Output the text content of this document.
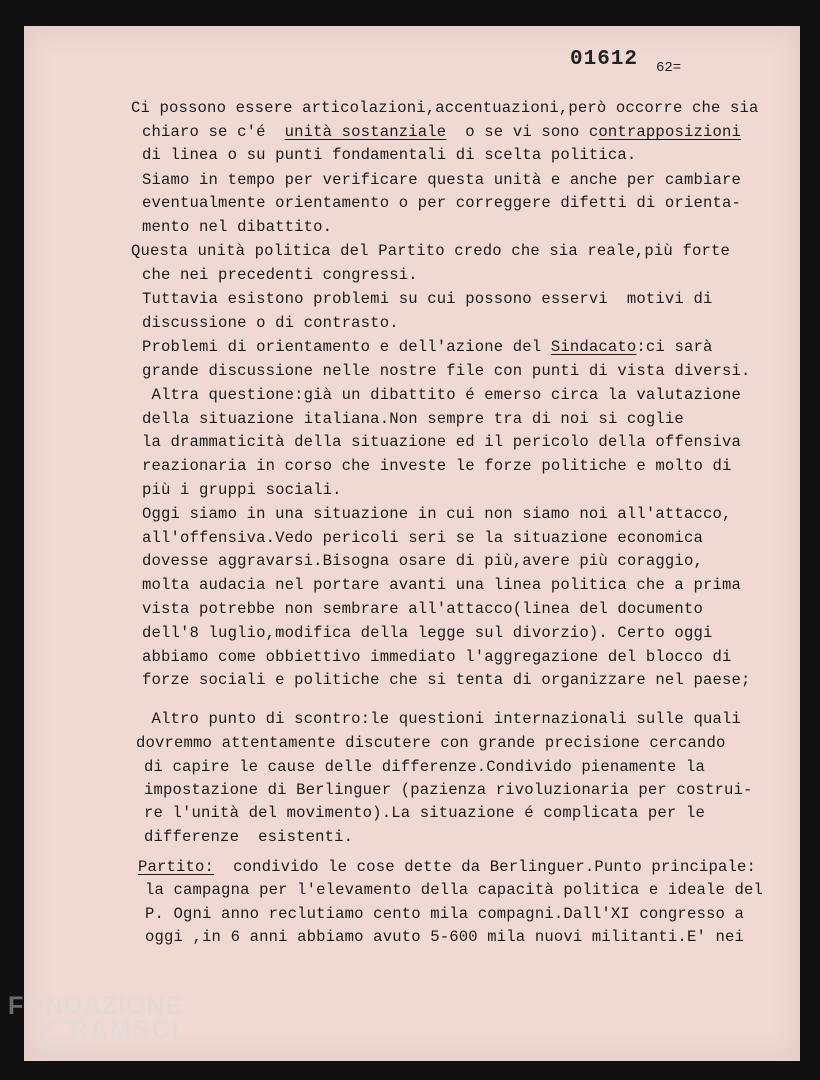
01612 62=
Ci possono essere articolazioni,accentuazioni,però occorre che sia
chiaro se c'é unità sostanziale o se vi sono contrapposizioni
di linea o su punti fondamentali di scelta politica.
Siamo in tempo per verificare questa unità e anche per cambiare
eventualmente orientamento o per correggere difetti di orienta-
mento nel dibattito.
Questa unità politica del Partito credo che sia reale,più forte
che nei precedenti congressi.
Tuttavia esistono problemi su cui possono esservi  motivi di
discussione o di contrasto.
Problemi di orientamento e dell'azione del Sindacato:ci sarà
grande discussione nelle nostre file con punti di vista diversi.
Altra questione:già un dibattito é emerso circa la valutazione
della situazione italiana.Non sempre tra di noi si coglie
la drammaticità della situazione ed il pericolo della offensiva
reazionaria in corso che investe le forze politiche e molto di
più i gruppi sociali.
Oggi siamo in una situazione in cui non siamo noi all'attacco,
all'offensiva.Vedo pericoli seri se la situazione economica
dovesse aggravarsi.Bisogna osare di più,avere più coraggio,
molta audacia nel portare avanti una linea politica che a prima
vista potrebbe non sembrare all'attacco(linea del documento
dell'8 luglio,modifica della legge sul divorzio). Certo oggi
abbiamo come obbiettivo immediato l'aggregazione del blocco di
forze sociali e politiche che si tenta di organizzare nel paese;
Altro punto di scontro:le questioni internazionali sulle quali
dovremmo attentamente discutere con grande precisione cercando
di capire le cause delle differenze.Condivido pienamente la
impostazione di Berlinguer (pazienza rivoluzionaria per costrui-
re l'unità del movimento).La situazione é complicata per le
differenze  esistenti.
Partito:  condivido le cose dette da Berlinguer.Punto principale:
la campagna per l'elevamento della capacità politica e ideale del
P. Ogni anno reclutiamo cento mila compagni.Dall'XI congresso a
oggi ,in 6 anni abbiamo avuto 5-600 mila nuovi militanti.E' nei
FONDAZIONE
RAMSCI
onlus
